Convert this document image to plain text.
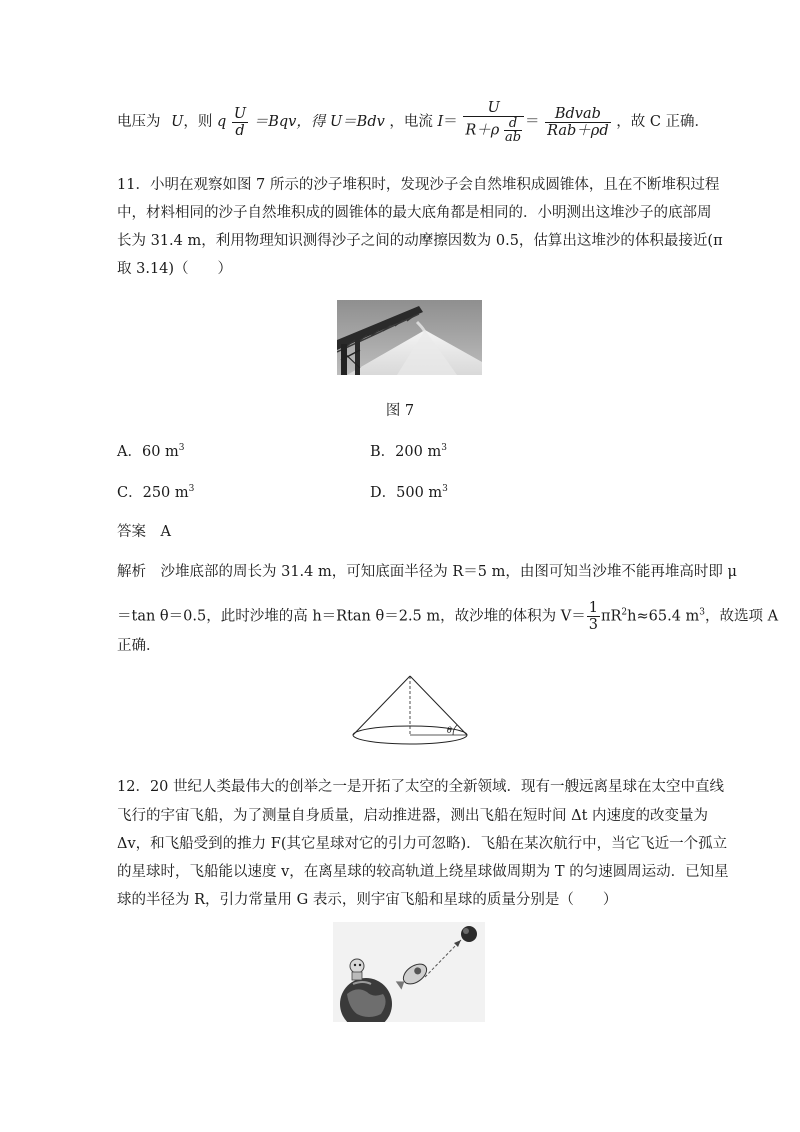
电压为 U，则 q $\frac{U}{d} =Bqv$，得 U＝Bdv ，电流 $I= \frac{U}{R+\rho \frac{d}{ab}} = \frac{\text{Bdvab}}{\text{Rab＋ρd}}$ ，故 C 正确．
11．小明在观察如图 7 所示的沙子堆积时，发现沙子会自然堆积成圆锥体，且在不断堆积过程
中，材料相同的沙子自然堆积成的圆锥体的最大底角都是相同的．小明测出这堆沙子的底部周
长为 31.4 m，利用物理知识测得沙子之间的动摩擦因数为 0.5，估算出这堆沙的体积最接近(π
取 3.14)（　　）
图 7
A．60 $m^3$	B．200 $m^3$
C．250 $m^3$	D．500 $m^3$
答案　A
解析　沙堆底部的周长为 31.4 m，可知底面半径为 R＝5 m，由图可知当沙堆不能再堆高时即 μ
＝tan θ＝0.5，此时沙堆的高 h＝Rtan θ＝2.5 m，故沙堆的体积为 $V= \frac{1}{3} \pi R^2h\approx 65.4$ $m^3$，故选项 A
正确．
θ
12．20 世纪人类最伟大的创举之一是开拓了太空的全新领域．现有一艘远离星球在太空中直线
飞行的宇宙飞船，为了测量自身质量，启动推进器，测出飞船在短时间 Δt 内速度的改变量为
Δv，和飞船受到的推力 F(其它星球对它的引力可忽略)．飞船在某次航行中，当它飞近一个孤立
的星球时，飞船能以速度 v，在离星球的较高轨道上绕星球做周期为 T 的匀速圆周运动．已知星
球的半径为 R，引力常量用 G 表示，则宇宙飞船和星球的质量分别是（　　）
